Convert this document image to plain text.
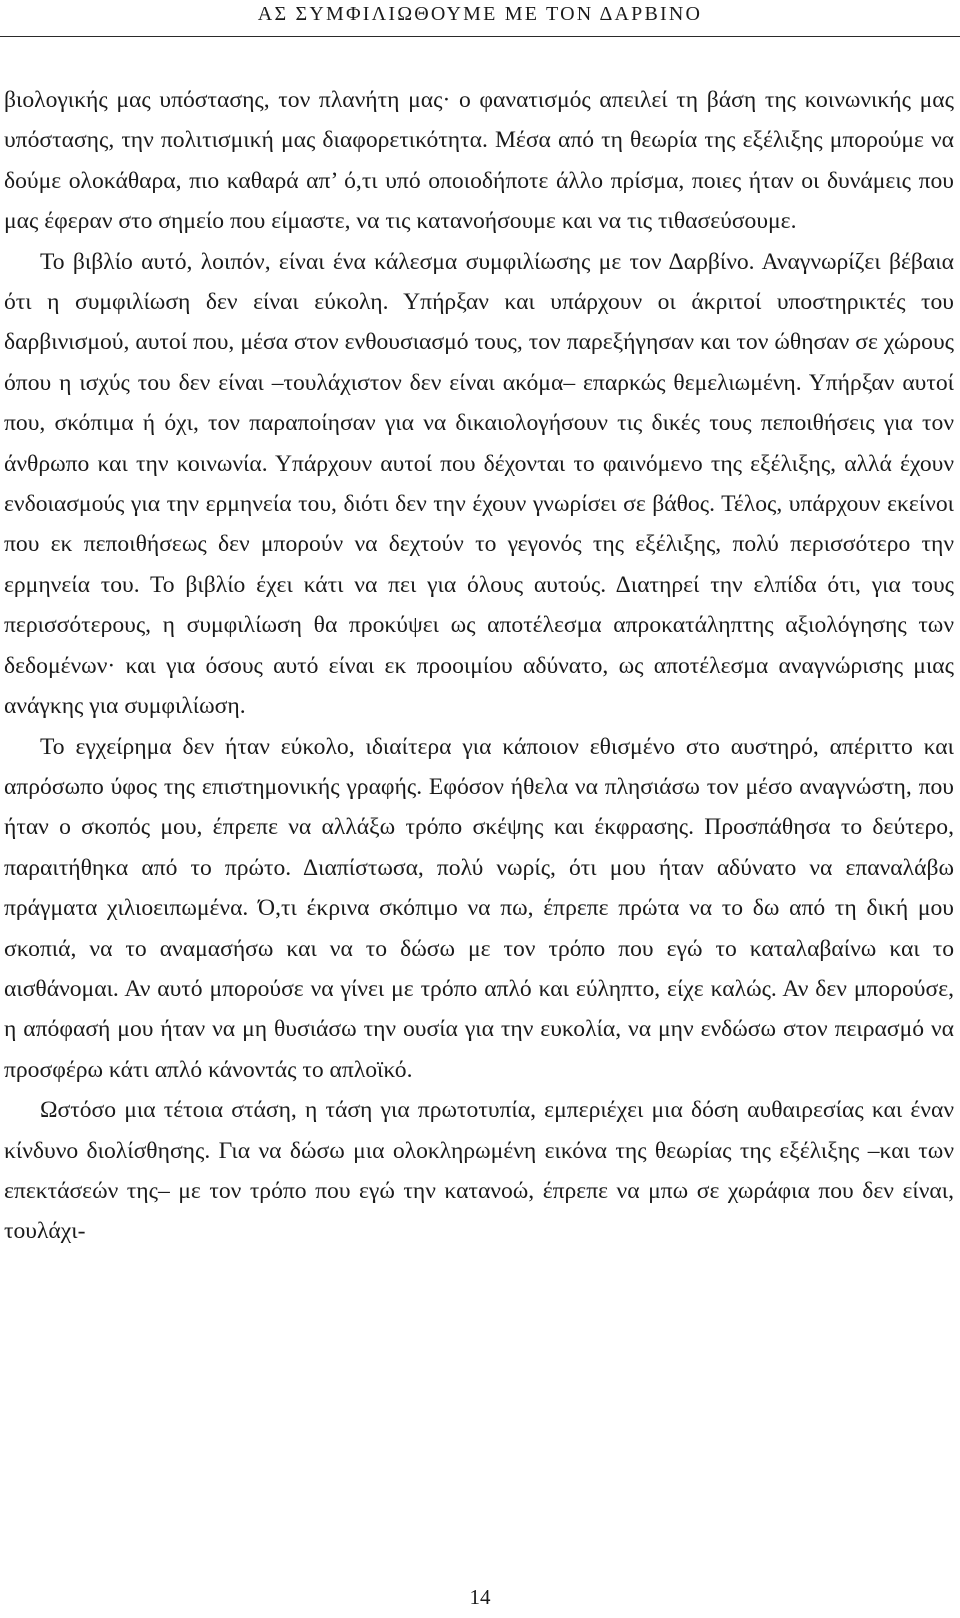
ΑΣ ΣΥΜΦΙΛΙΩΘΟΥΜΕ ΜΕ ΤΟΝ ΔΑΡΒΙΝΟ

βιολογικής μας υπόστασης, τον πλανήτη μας· ο φανατισμός απειλεί τη βάση της κοινωνικής μας υπόστασης, την πολιτισμική μας διαφορετικότητα. Μέσα από τη θεωρία της εξέλιξης μπορούμε να δούμε ολοκάθαρα, πιο καθαρά απ’ ό,τι υπό οποιοδήποτε άλλο πρίσμα, ποιες ήταν οι δυνάμεις που μας έφεραν στο σημείο που είμαστε, να τις κατανοήσουμε και να τις τιθασεύσουμε.

Το βιβλίο αυτό, λοιπόν, είναι ένα κάλεσμα συμφιλίωσης με τον Δαρβίνο. Αναγνωρίζει βέβαια ότι η συμφιλίωση δεν είναι εύκολη. Υπήρξαν και υπάρχουν οι άκριτοί υποστηρικτές του δαρβινισμού, αυτοί που, μέσα στον ενθουσιασμό τους, τον παρεξήγησαν και τον ώθησαν σε χώρους όπου η ισχύς του δεν είναι –τουλάχιστον δεν είναι ακόμα– επαρκώς θεμελιωμένη. Υπήρξαν αυτοί που, σκόπιμα ή όχι, τον παραποίησαν για να δικαιολογήσουν τις δικές τους πεποιθήσεις για τον άνθρωπο και την κοινωνία. Υπάρχουν αυτοί που δέχονται το φαινόμενο της εξέλιξης, αλλά έχουν ενδοιασμούς για την ερμηνεία του, διότι δεν την έχουν γνωρίσει σε βάθος. Τέλος, υπάρχουν εκείνοι που εκ πεποιθήσεως δεν μπορούν να δεχτούν το γεγονός της εξέλιξης, πολύ περισσότερο την ερμηνεία του. Το βιβλίο έχει κάτι να πει για όλους αυτούς. Διατηρεί την ελπίδα ότι, για τους περισσότερους, η συμφιλίωση θα προκύψει ως αποτέλεσμα απροκατάληπτης αξιολόγησης των δεδομένων· και για όσους αυτό είναι εκ προοιμίου αδύνατο, ως αποτέλεσμα αναγνώρισης μιας ανάγκης για συμφιλίωση.

Το εγχείρημα δεν ήταν εύκολο, ιδιαίτερα για κάποιον εθισμένο στο αυστηρό, απέριττο και απρόσωπο ύφος της επιστημονικής γραφής. Εφόσον ήθελα να πλησιάσω τον μέσο αναγνώστη, που ήταν ο σκοπός μου, έπρεπε να αλλάξω τρόπο σκέψης και έκφρασης. Προσπάθησα το δεύτερο, παραιτήθηκα από το πρώτο. Διαπίστωσα, πολύ νωρίς, ότι μου ήταν αδύνατο να επαναλάβω πράγματα χιλιοειπωμένα. Ό,τι έκρινα σκόπιμο να πω, έπρεπε πρώτα να το δω από τη δική μου σκοπιά, να το αναμασήσω και να το δώσω με τον τρόπο που εγώ το καταλαβαίνω και το αισθάνομαι. Αν αυτό μπορούσε να γίνει με τρόπο απλό και εύληπτο, είχε καλώς. Αν δεν μπορούσε, η απόφασή μου ήταν να μη θυσιάσω την ουσία για την ευκολία, να μην ενδώσω στον πειρασμό να προσφέρω κάτι απλό κάνοντάς το απλοϊκό.

Ωστόσο μια τέτοια στάση, η τάση για πρωτοτυπία, εμπεριέχει μια δόση αυθαιρεσίας και έναν κίνδυνο διολίσθησης. Για να δώσω μια ολοκληρωμένη εικόνα της θεωρίας της εξέλιξης –και των επεκτάσεών της– με τον τρόπο που εγώ την κατανοώ, έπρεπε να μπω σε χωράφια που δεν είναι, τουλάχι-

14
